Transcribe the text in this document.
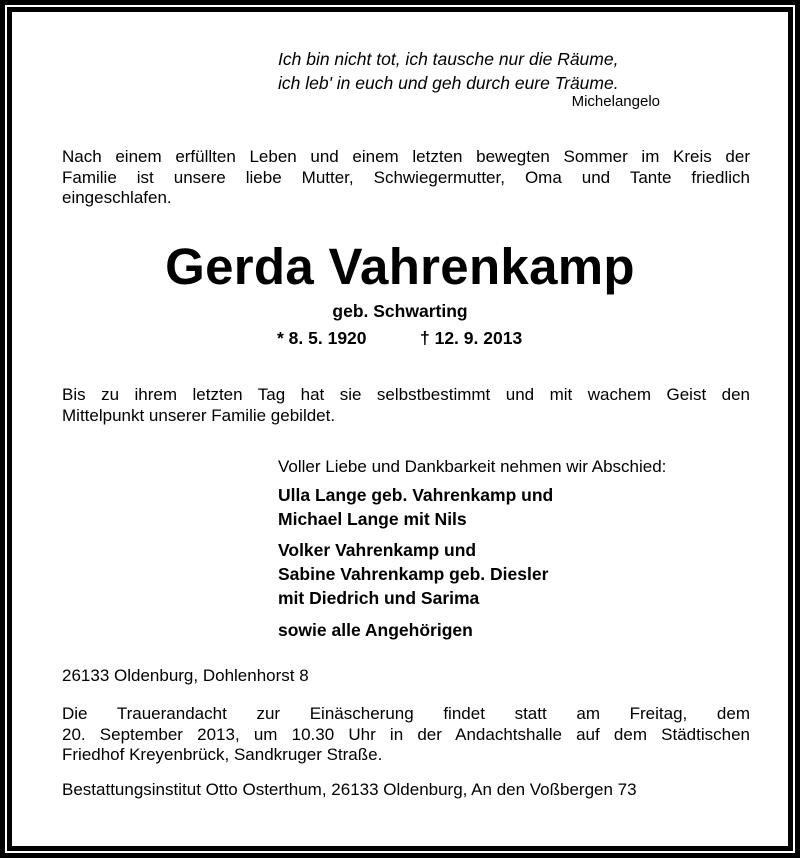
Ich bin nicht tot, ich tausche nur die Räume,
ich leb' in euch und geh durch eure Träume.
Michelangelo
Nach einem erfüllten Leben und einem letzten bewegten Sommer im Kreis der
Familie ist unsere liebe Mutter, Schwiegermutter, Oma und Tante friedlich
eingeschlafen.
Gerda Vahrenkamp
geb. Schwarting
* 8. 5. 1920	† 12. 9. 2013
Bis zu ihrem letzten Tag hat sie selbstbestimmt und mit wachem Geist den
Mittelpunkt unserer Familie gebildet.
Voller Liebe und Dankbarkeit nehmen wir Abschied:
Ulla Lange geb. Vahrenkamp und
Michael Lange mit Nils
Volker Vahrenkamp und
Sabine Vahrenkamp geb. Diesler
mit Diedrich und Sarima
sowie alle Angehörigen
26133 Oldenburg, Dohlenhorst 8
Die Trauerandacht zur Einäscherung findet statt am Freitag, dem
20. September 2013, um 10.30 Uhr in der Andachtshalle auf dem Städtischen
Friedhof Kreyenbrück, Sandkruger Straße.
Bestattungsinstitut Otto Osterthum, 26133 Oldenburg, An den Voßbergen 73
